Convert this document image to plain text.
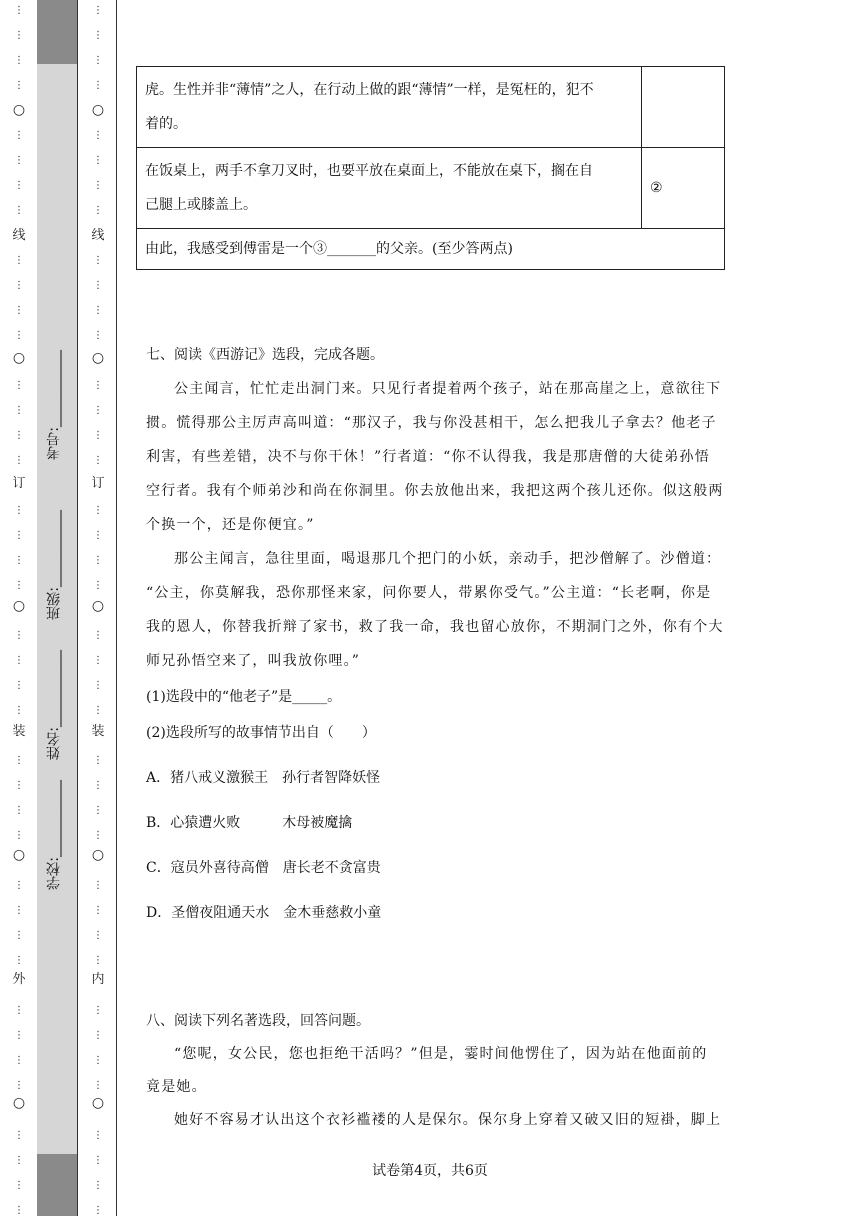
⋮
⋮
⋮
⋮
⋮
⋮
⋮
⋮
⋮
⋮
⋮
⋮
⋮
⋮
⋮
⋮
⋮
⋮
⋮
⋮
⋮
⋮
⋮
⋮
⋮
⋮
⋮
⋮
⋮
⋮
⋮
⋮
⋮
⋮
⋮
⋮
⋮
⋮
⋮
⋮
○
○
○
○
○
线
订
装
外
⋮
⋮
⋮
⋮
⋮
⋮
⋮
⋮
⋮
⋮
⋮
⋮
⋮
⋮
⋮
⋮
⋮
⋮
⋮
⋮
⋮
⋮
⋮
⋮
⋮
⋮
⋮
⋮
⋮
⋮
⋮
⋮
⋮
⋮
⋮
⋮
⋮
⋮
⋮
⋮
○
○
○
○
○
线
订
装
内
学校:___________
姓名:___________
班级:___________
考号:___________
虎。生性并非“薄情”之人，在行动上做的跟“薄情”一样，是冤枉的，犯不
着的。	

在饭桌上，两手不拿刀叉时，也要平放在桌面上，不能放在桌下，搁在自
己腿上或膝盖上。	②
由此，我感受到傅雷是一个③_______的父亲。(至少答两点)	
七、阅读《西游记》选段，完成各题。
公主闻言，忙忙走出洞门来。只见行者提着两个孩子，站在那高崖之上，意欲往下
掼。慌得那公主厉声高叫道：“那汉子，我与你没甚相干，怎么把我儿子拿去？他老子
利害，有些差错，决不与你干休！”行者道：“你不认得我，我是那唐僧的大徒弟孙悟
空行者。我有个师弟沙和尚在你洞里。你去放他出来，我把这两个孩儿还你。似这般两
个换一个，还是你便宜。”
那公主闻言，急往里面，喝退那几个把门的小妖，亲动手，把沙僧解了。沙僧道：
“公主，你莫解我，恐你那怪来家，问你要人，带累你受气。”公主道：“长老啊，你是
我的恩人，你替我折辩了家书，救了我一命，我也留心放你，不期洞门之外，你有个大
师兄孙悟空来了，叫我放你哩。”
(1)选段中的“他老子”是_____。
(2)选段所写的故事情节出自（　　）
A．猪八戒义激猴王　孙行者智降妖怪
B．心猿遭火败　　　木母被魔擒
C．寇员外喜待高僧　唐长老不贪富贵
D．圣僧夜阻通天水　金木垂慈救小童
八、阅读下列名著选段，回答问题。
“您呢，女公民，您也拒绝干活吗？”但是，霎时间他愣住了，因为站在他面前的
竟是她。
她好不容易才认出这个衣衫褴褛的人是保尔。保尔身上穿着又破又旧的短褂，脚上
试卷第4页，共6页
